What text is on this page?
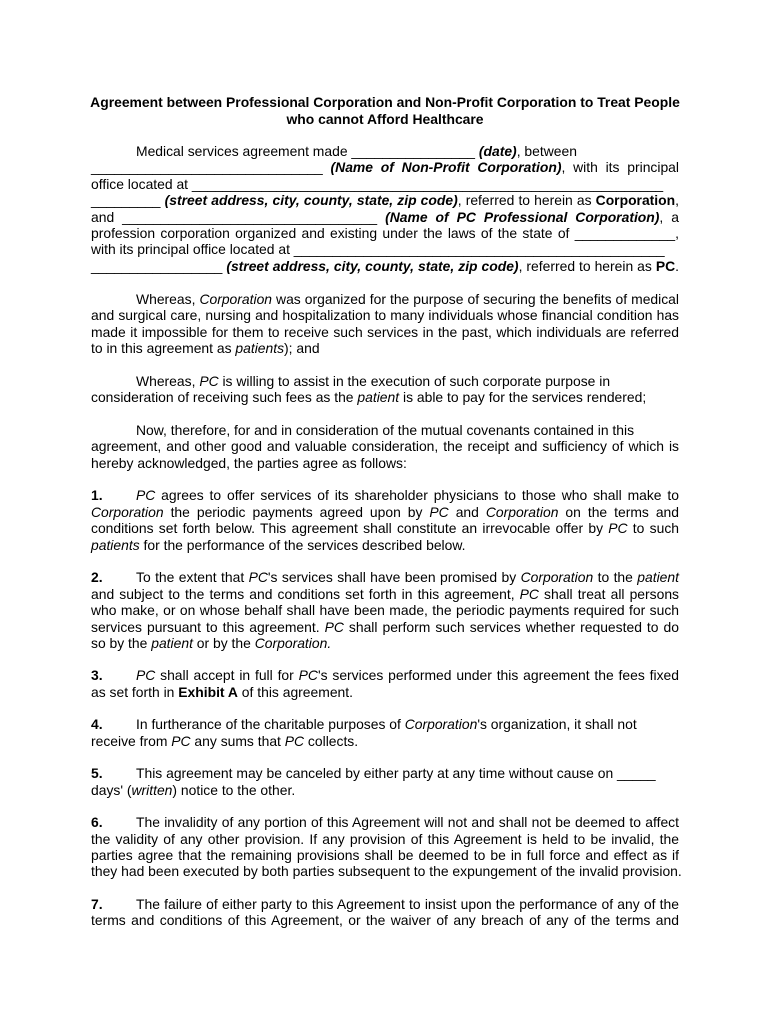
Agreement between Professional Corporation and Non-Profit Corporation to Treat People
who cannot Afford Healthcare
Medical services agreement made ________________ (date), between
______________________________ (Name of Non-Profit Corporation), with its principal
office located at _____________________________________________________________
_________ (street address, city, county, state, zip code), referred to herein as Corporation,
and _________________________________ (Name of PC Professional Corporation), a
profession corporation organized and existing under the laws of the state of _____________,
with its principal office located at ________________________________________________
_________________ (street address, city, county, state, zip code), referred to herein as PC.
Whereas, Corporation was organized for the purpose of securing the benefits of medical
and surgical care, nursing and hospitalization to many individuals whose financial condition has
made it impossible for them to receive such services in the past, which individuals are referred
to in this agreement as patients); and
Whereas, PC is willing to assist in the execution of such corporate purpose in
consideration of receiving such fees as the patient is able to pay for the services rendered;
Now, therefore, for and in consideration of the mutual covenants contained in this
agreement, and other good and valuable consideration, the receipt and sufficiency of which is
hereby acknowledged, the parties agree as follows:
1. PC agrees to offer services of its shareholder physicians to those who shall make to
Corporation the periodic payments agreed upon by PC and Corporation on the terms and
conditions set forth below. This agreement shall constitute an irrevocable offer by PC to such
patients for the performance of the services described below.
2. To the extent that PC's services shall have been promised by Corporation to the patient
and subject to the terms and conditions set forth in this agreement, PC shall treat all persons
who make, or on whose behalf shall have been made, the periodic payments required for such
services pursuant to this agreement. PC shall perform such services whether requested to do
so by the patient or by the Corporation.
3. PC shall accept in full for PC's services performed under this agreement the fees fixed
as set forth in Exhibit A of this agreement.
4. In furtherance of the charitable purposes of Corporation's organization, it shall not
receive from PC any sums that PC collects.
5. This agreement may be canceled by either party at any time without cause on _____
days' (written) notice to the other.
6. The invalidity of any portion of this Agreement will not and shall not be deemed to affect
the validity of any other provision. If any provision of this Agreement is held to be invalid, the
parties agree that the remaining provisions shall be deemed to be in full force and effect as if
they had been executed by both parties subsequent to the expungement of the invalid provision.
7. The failure of either party to this Agreement to insist upon the performance of any of the
terms and conditions of this Agreement, or the waiver of any breach of any of the terms and
